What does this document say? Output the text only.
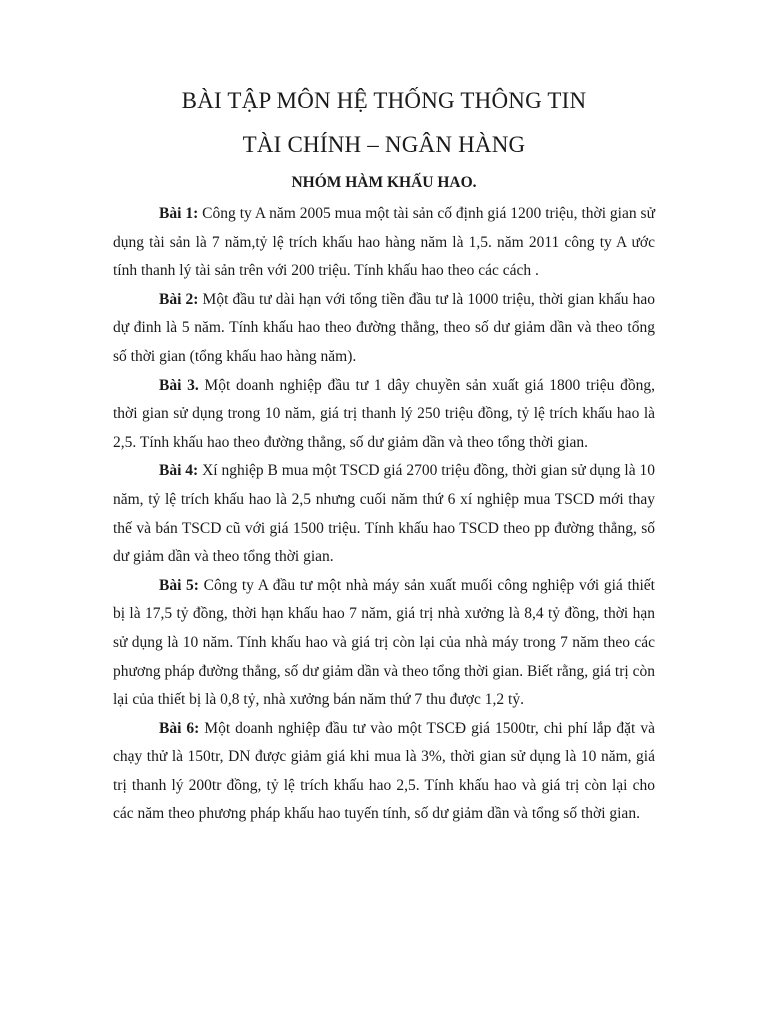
BÀI TẬP MÔN HỆ THỐNG THÔNG TIN
TÀI CHÍNH – NGÂN HÀNG
NHÓM HÀM KHẤU HAO.

Bài 1: Công ty A năm 2005 mua một tài sản cố định giá 1200 triệu, thời gian sử dụng tài sản là 7 năm,tỷ lệ trích khấu hao hàng năm là 1,5. năm 2011 công ty A ước tính thanh lý tài sản trên với 200 triệu. Tính khấu hao theo các cách .

Bài 2: Một đầu tư dài hạn với tổng tiền đầu tư là 1000 triệu, thời gian khấu hao dự đinh là 5 năm. Tính khấu hao theo đường thẳng, theo số dư giảm dần và theo tổng số thời gian (tổng khấu hao hàng năm).

Bài 3. Một doanh nghiệp đầu tư 1 dây chuyền sản xuất giá 1800 triệu đồng, thời gian sử dụng trong 10 năm, giá trị thanh lý 250 triệu đồng, tỷ lệ trích khấu hao là 2,5. Tính khấu hao theo đường thẳng, số dư giảm dần và theo tổng thời gian.

Bài 4: Xí nghiệp B mua một TSCD giá 2700 triệu đồng, thời gian sử dụng là 10 năm, tỷ lệ trích khấu hao là 2,5 nhưng cuối năm thứ 6 xí nghiệp mua TSCD mới thay thế và bán TSCD cũ với giá 1500 triệu. Tính khấu hao TSCD theo pp đường thẳng, số dư giảm dần và theo tổng thời gian.

Bài 5: Công ty A đầu tư một nhà máy sản xuất muối công nghiệp với giá thiết bị là 17,5 tỷ đồng, thời hạn khấu hao 7 năm, giá trị nhà xưởng là 8,4 tỷ đồng, thời hạn sử dụng là 10 năm. Tính khấu hao và giá trị còn lại của nhà máy trong 7 năm theo các phương pháp đường thẳng, số dư giảm dần và theo tổng thời gian. Biết rằng, giá trị còn lại của thiết bị là 0,8 tỷ, nhà xưởng bán năm thứ 7 thu được 1,2 tỷ.

Bài 6: Một doanh nghiệp đầu tư vào một TSCĐ giá 1500tr, chi phí lắp đặt và chạy thử là 150tr, DN được giảm giá khi mua là 3%, thời gian sử dụng là 10 năm, giá trị thanh lý 200tr đồng, tỷ lệ trích khấu hao 2,5. Tính khấu hao và giá trị còn lại cho các năm theo phương pháp khấu hao tuyến tính, số dư giảm dần và tổng số thời gian.
